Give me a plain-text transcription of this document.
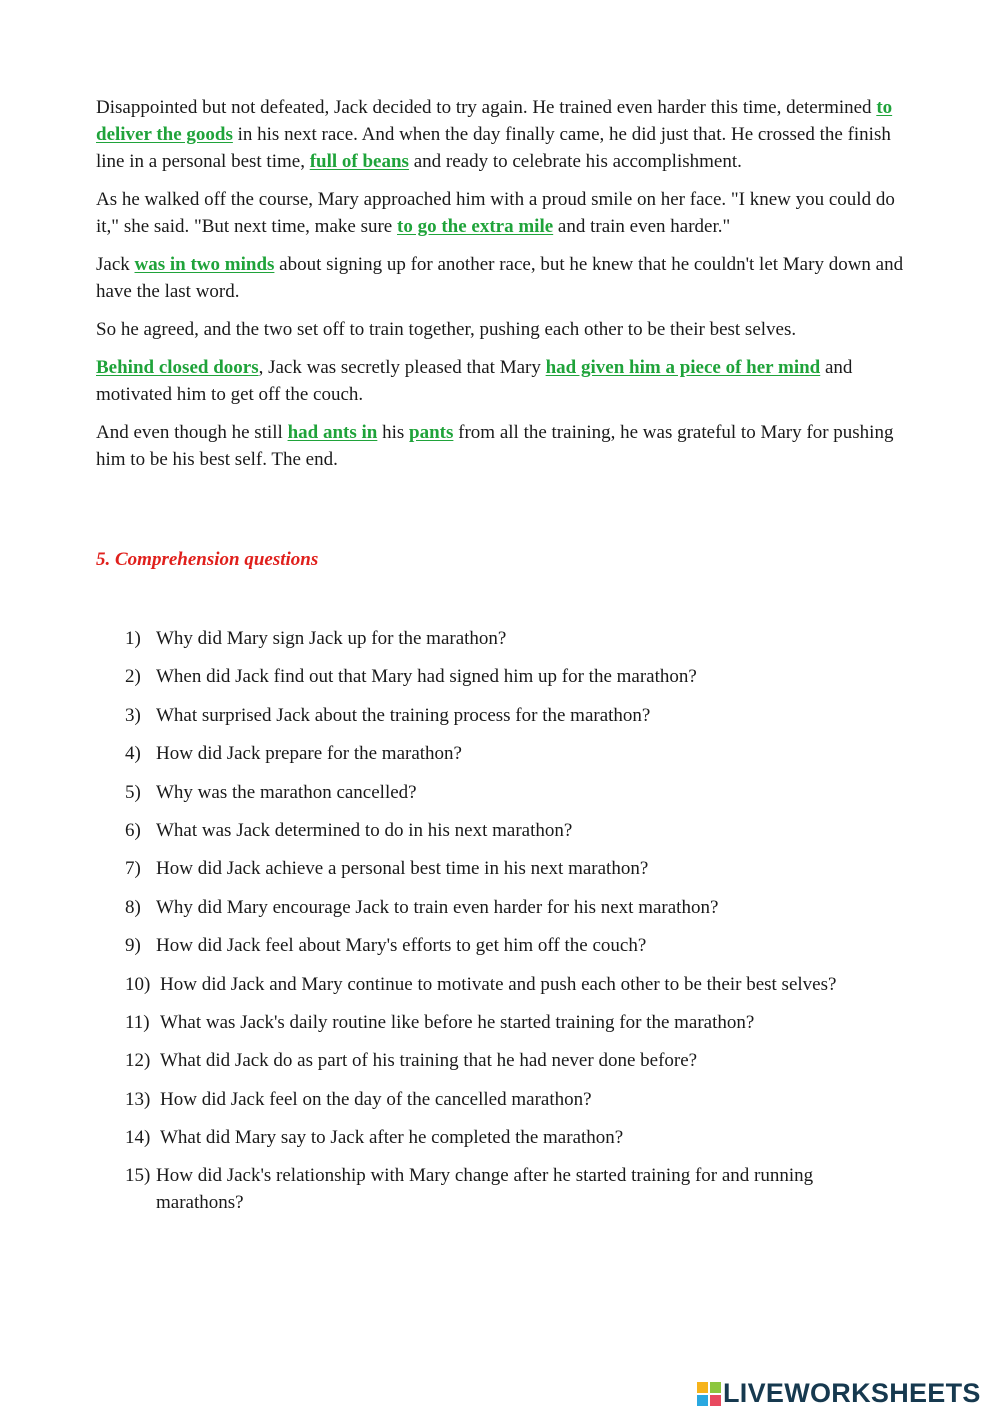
Disappointed but not defeated, Jack decided to try again. He trained even harder this time, determined to deliver the goods in his next race. And when the day finally came, he did just that. He crossed the finish line in a personal best time, full of beans and ready to celebrate his accomplishment.

As he walked off the course, Mary approached him with a proud smile on her face. "I knew you could do it," she said. "But next time, make sure to go the extra mile and train even harder."

Jack was in two minds about signing up for another race, but he knew that he couldn't let Mary down and have the last word.

So he agreed, and the two set off to train together, pushing each other to be their best selves.

Behind closed doors, Jack was secretly pleased that Mary had given him a piece of her mind and motivated him to get off the couch.

And even though he still had ants in his pants from all the training, he was grateful to Mary for pushing him to be his best self. The end.

5. Comprehension questions
1) Why did Mary sign Jack up for the marathon?
2) When did Jack find out that Mary had signed him up for the marathon?
3) What surprised Jack about the training process for the marathon?
4) How did Jack prepare for the marathon?
5) Why was the marathon cancelled?
6) What was Jack determined to do in his next marathon?
7) How did Jack achieve a personal best time in his next marathon?
8) Why did Mary encourage Jack to train even harder for his next marathon?
9) How did Jack feel about Mary's efforts to get him off the couch?
10) How did Jack and Mary continue to motivate and push each other to be their best selves?
11) What was Jack's daily routine like before he started training for the marathon?
12) What did Jack do as part of his training that he had never done before?
13) How did Jack feel on the day of the cancelled marathon?
14) What did Mary say to Jack after he completed the marathon?
15) How did Jack's relationship with Mary change after he started training for and running marathons?
LIVEWORKSHEETS
